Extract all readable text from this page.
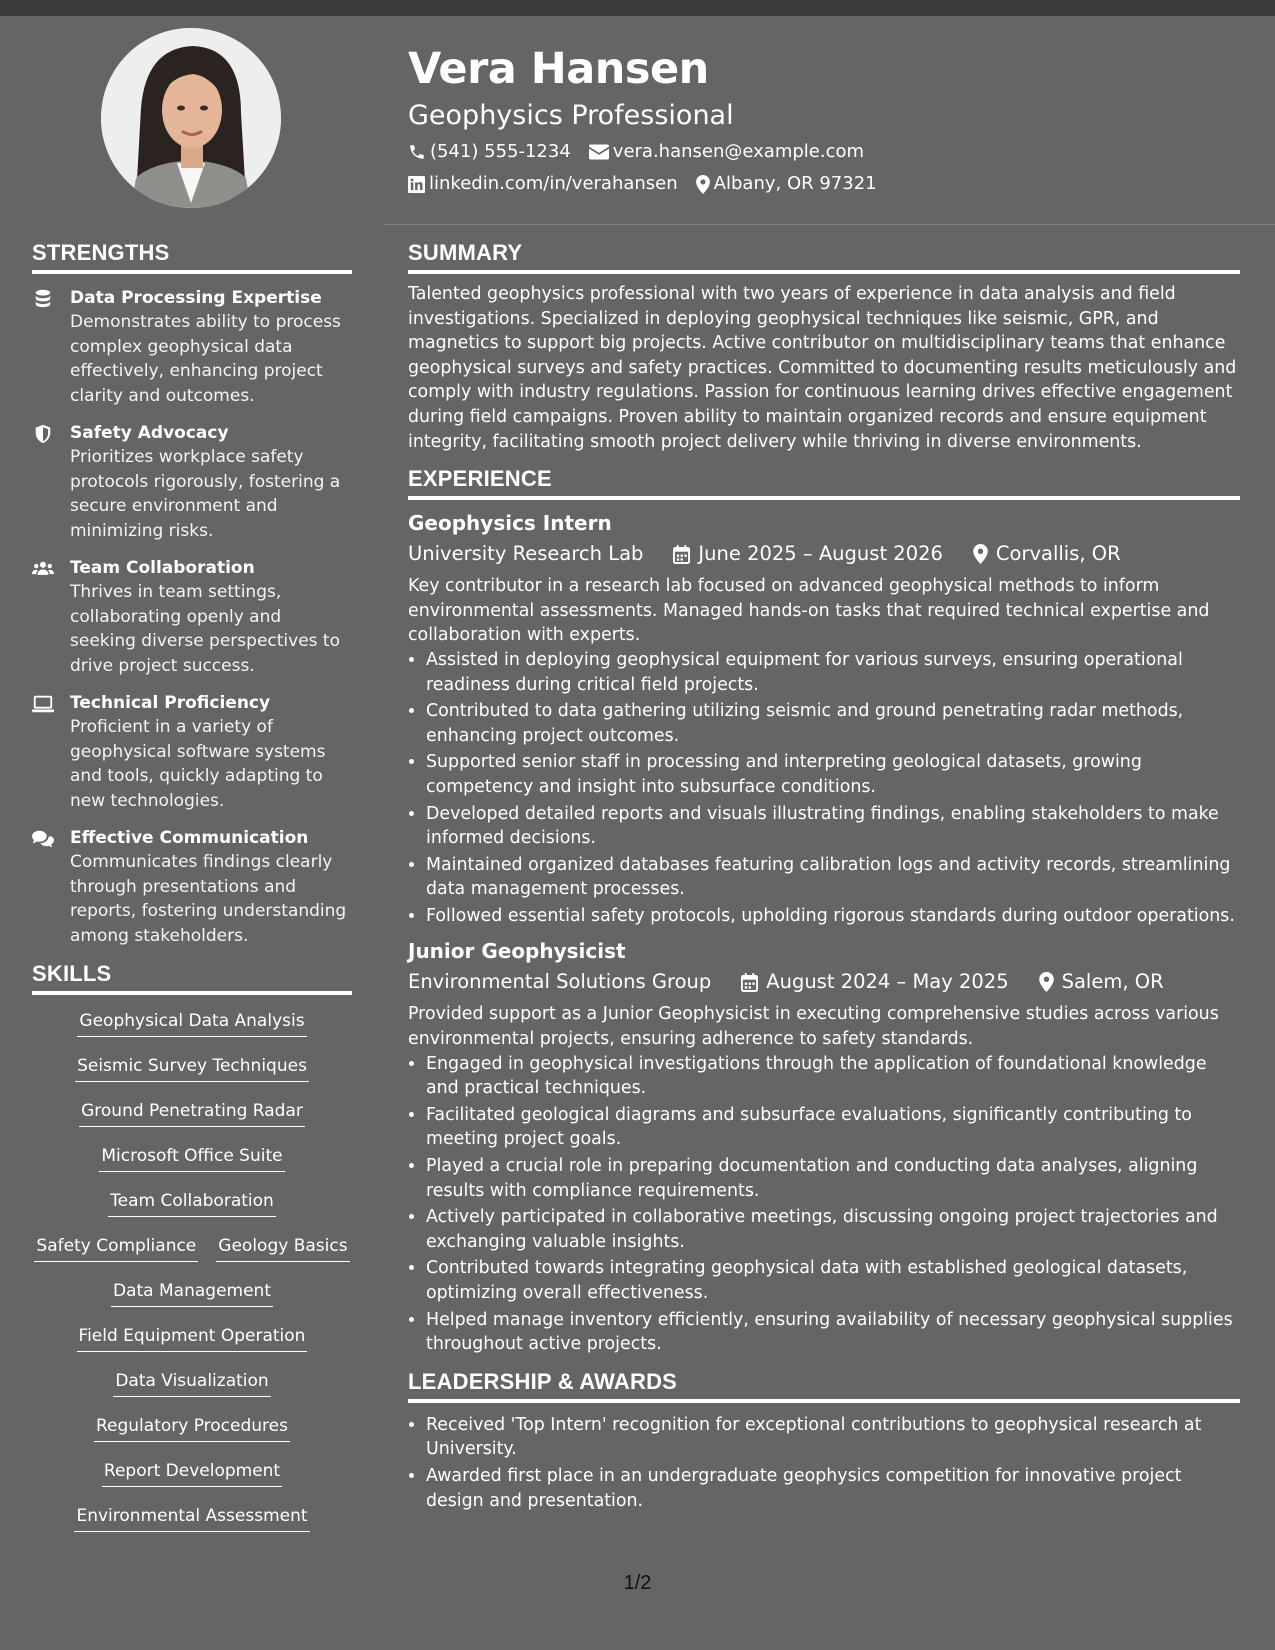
Vera Hansen
Geophysics Professional
(541) 555-1234 vera.hansen@example.com
linkedin.com/in/verahansen Albany, OR 97321
STRENGTHS
Data Processing Expertise
Demonstrates ability to process complex geophysical data effectively, enhancing project clarity and outcomes.
Safety Advocacy
Prioritizes workplace safety protocols rigorously, fostering a secure environment and minimizing risks.
Team Collaboration
Thrives in team settings, collaborating openly and seeking diverse perspectives to drive project success.
Technical Proficiency
Proficient in a variety of geophysical software systems and tools, quickly adapting to new technologies.
Effective Communication
Communicates findings clearly through presentations and reports, fostering understanding among stakeholders.
SKILLS
Geophysical Data Analysis
Seismic Survey Techniques
Ground Penetrating Radar
Microsoft Office Suite
Team Collaboration
Safety Compliance Geology Basics
Data Management
Field Equipment Operation
Data Visualization
Regulatory Procedures
Report Development
Environmental Assessment
SUMMARY

Talented geophysics professional with two years of experience in data analysis and field investigations. Specialized in deploying geophysical techniques like seismic, GPR, and magnetics to support big projects. Active contributor on multidisciplinary teams that enhance geophysical surveys and safety practices. Committed to documenting results meticulously and comply with industry regulations. Passion for continuous learning drives effective engagement during field campaigns. Proven ability to maintain organized records and ensure equipment integrity, facilitating smooth project delivery while thriving in diverse environments.

EXPERIENCE
Geophysics Intern
University Research Lab	June 2025 – August 2026	Corvallis, OR

Key contributor in a research lab focused on advanced geophysical methods to inform environmental assessments. Managed hands-on tasks that required technical expertise and collaboration with experts.

• Assisted in deploying geophysical equipment for various surveys, ensuring operational readiness during critical field projects.
• Contributed to data gathering utilizing seismic and ground penetrating radar methods, enhancing project outcomes.
• Supported senior staff in processing and interpreting geological datasets, growing competency and insight into subsurface conditions.
• Developed detailed reports and visuals illustrating findings, enabling stakeholders to make informed decisions.
• Maintained organized databases featuring calibration logs and activity records, streamlining data management processes.
• Followed essential safety protocols, upholding rigorous standards during outdoor operations.
Junior Geophysicist
Environmental Solutions Group	August 2024 – May 2025	Salem, OR

Provided support as a Junior Geophysicist in executing comprehensive studies across various environmental projects, ensuring adherence to safety standards.

• Engaged in geophysical investigations through the application of foundational knowledge and practical techniques.
• Facilitated geological diagrams and subsurface evaluations, significantly contributing to meeting project goals.
• Played a crucial role in preparing documentation and conducting data analyses, aligning results with compliance requirements.
• Actively participated in collaborative meetings, discussing ongoing project trajectories and exchanging valuable insights.
• Contributed towards integrating geophysical data with established geological datasets, optimizing overall effectiveness.
• Helped manage inventory efficiently, ensuring availability of necessary geophysical supplies throughout active projects.
LEADERSHIP & AWARDS
• Received 'Top Intern' recognition for exceptional contributions to geophysical research at University.
• Awarded first place in an undergraduate geophysics competition for innovative project design and presentation.
1/2
